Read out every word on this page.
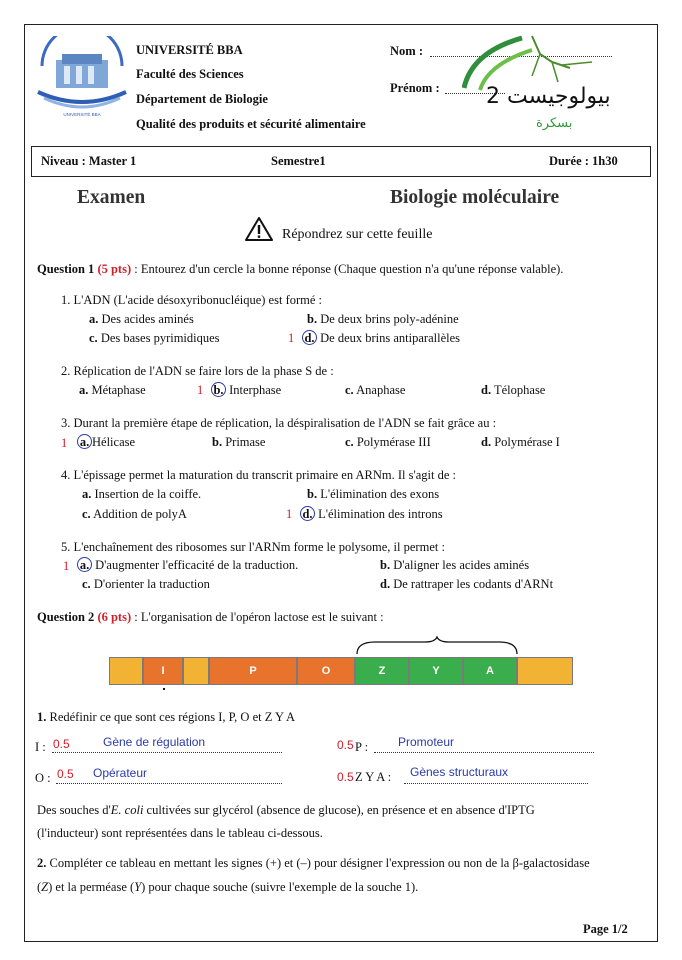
UNIVERSITÉ BBA
UNIVERSITÉ BBA
Faculté des Sciences
Département de Biologie
Qualité des produits et sécurité alimentaire
Nom :
Prénom : بيولوجيست 2
بسكرة
Niveau : Master 1	Semestre1	Durée : 1h30
Examen	Biologie moléculaire
Répondrez sur cette feuille
Question 1 (5 pts) : Entourez d'un cercle la bonne réponse (Chaque question n'a qu'une réponse valable).
1. L'ADN (L'acide désoxyribonucléique) est formé :
a. Des acides aminés	b. De deux brins poly-adénine
c. Des bases pyrimidiques	1 d. De deux brins antiparallèles
2. Réplication de l'ADN se faire lors de la phase S de :
a. Métaphase	1 b. Interphase	c. Anaphase	d. Télophase
3. Durant la première étape de réplication, la déspiralisation de l'ADN se fait grâce au :
1 a. Hélicase	b. Primase	c. Polymérase III	d. Polymérase I
4. L'épissage permet la maturation du transcrit primaire en ARNm. Il s'agit de :
a. Insertion de la coiffe.	b. L'élimination des exons
c. Addition de polyA	1 d. L'élimination des introns
5. L'enchaînement des ribosomes sur l'ARNm forme le polysome, il permet :
1 a. D'augmenter l'efficacité de la traduction.	b. D'aligner les acides aminés
c. D'orienter la traduction	d. De rattraper les codants d'ARNt
Question 2 (6 pts) : L'organisation de l'opéron lactose est le suivant :
I	P	O	Z	Y	A
1. Redéfinir ce que sont ces régions I, P, O et Z Y A
I : 0.5	Gène de régulation	0.5 P : Promoteur
O : 0.5 Opérateur	0.5 Z Y A : Gènes structuraux
Des souches d'E. coli cultivées sur glycérol (absence de glucose), en présence et en absence d'IPTG
(l'inducteur) sont représentées dans le tableau ci-dessous.
2. Compléter ce tableau en mettant les signes (+) et (–) pour désigner l'expression ou non de la β-galactosidase
(Z) et la perméase (Y) pour chaque souche (suivre l'exemple de la souche 1).
Page 1/2
